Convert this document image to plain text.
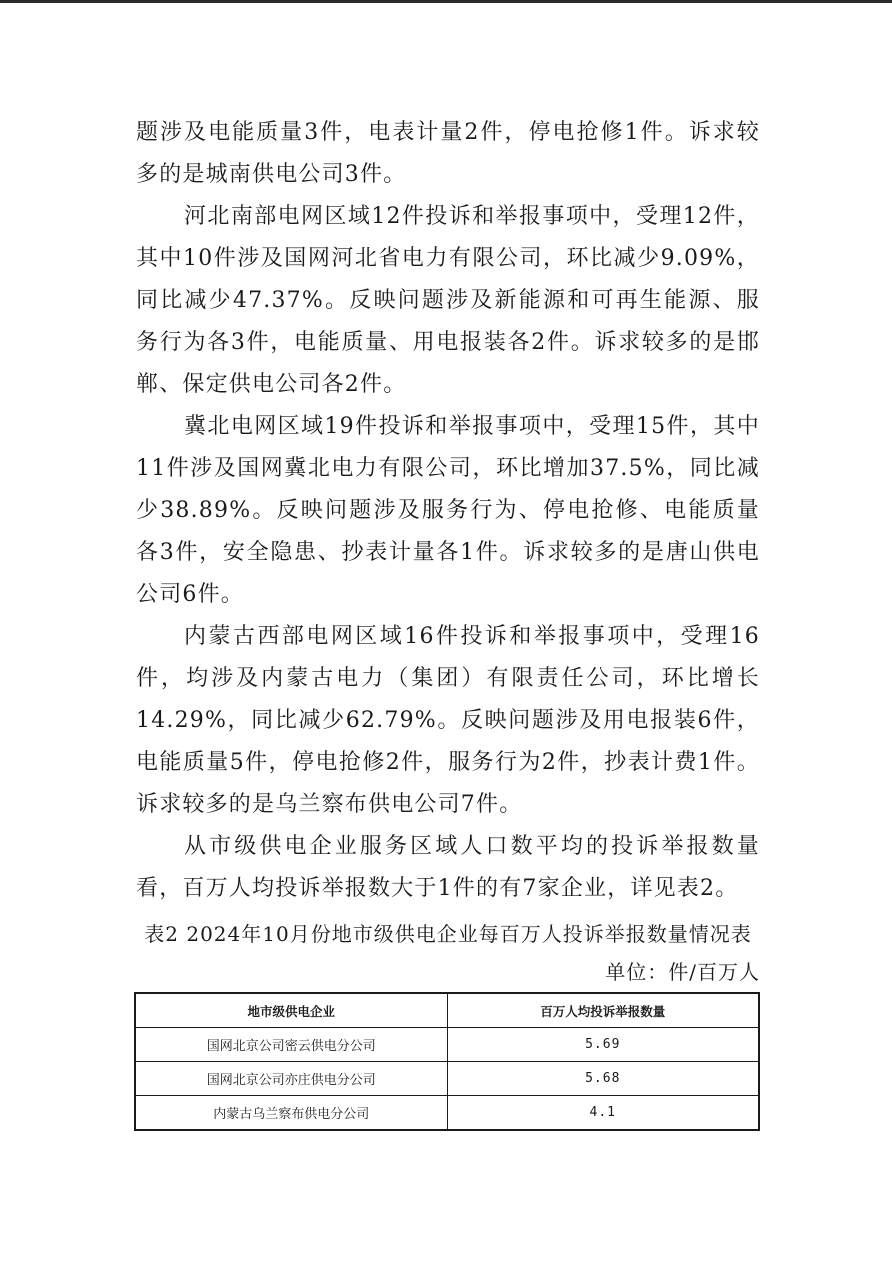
题涉及电能质量3件，电表计量2件，停电抢修1件。诉求较多的是城南供电公司3件。

河北南部电网区域12件投诉和举报事项中，受理12件，其中10件涉及国网河北省电力有限公司，环比减少9.09%，同比减少47.37%。反映问题涉及新能源和可再生能源、服务行为各3件，电能质量、用电报装各2件。诉求较多的是邯郸、保定供电公司各2件。

冀北电网区域19件投诉和举报事项中，受理15件，其中11件涉及国网冀北电力有限公司，环比增加37.5%，同比减少38.89%。反映问题涉及服务行为、停电抢修、电能质量各3件，安全隐患、抄表计量各1件。诉求较多的是唐山供电公司6件。

内蒙古西部电网区域16件投诉和举报事项中，受理16件，均涉及内蒙古电力（集团）有限责任公司，环比增长14.29%，同比减少62.79%。反映问题涉及用电报装6件，电能质量5件，停电抢修2件，服务行为2件，抄表计费1件。诉求较多的是乌兰察布供电公司7件。

从市级供电企业服务区域人口数平均的投诉举报数量看，百万人均投诉举报数大于1件的有7家企业，详见表2。

表2 2024年10月份地市级供电企业每百万人投诉举报数量情况表

单位：件/百万人

地市级供电企业	百万人均投诉举报数量
国网北京公司密云供电分公司	5.69
国网北京公司亦庄供电分公司	5.68
内蒙古乌兰察布供电分公司	4.1
